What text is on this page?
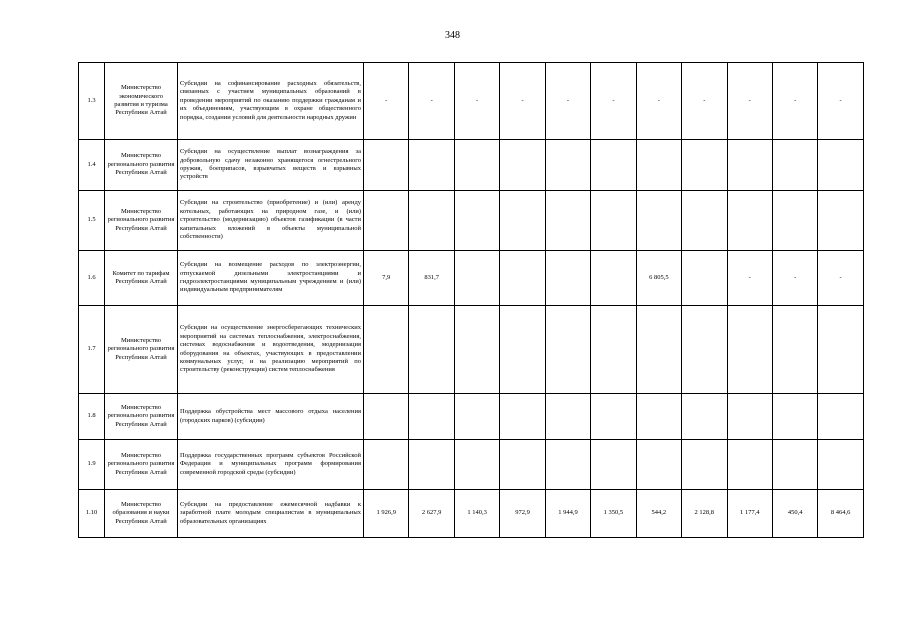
348
1.3	Министерство экономического развития и туризма Республики Алтай	Субсидии на софинансирование расходных обязательств, связанных с участием муниципальных образований в проведении мероприятий по оказанию поддержки гражданам и их объединениям, участвующим в охране общественного порядка, создании условий для деятельности народных дружин	-	-	-	-	-	-	-	-	-	-	-
1.4	Министерство регионального развития Республики Алтай	Субсидии на осуществление выплат вознаграждения за добровольную сдачу незаконно хранящегося огнестрельного оружия, боеприпасов, взрывчатых веществ и взрывных устройств											
1.5	Министерство регионального развития Республики Алтай	Субсидии на строительство (приобретение) и (или) аренду котельных, работающих на природном газе, и (или) строительство (модернизацию) объектов газификации (в части капитальных вложений в объекты муниципальной собственности)											
1.6	Комитет по тарифам Республики Алтай	Субсидии на возмещение расходов по электроэнергии, отпускаемой дизельными электростанциями и гидроэлектростанциями муниципальным учреждением и (или) индивидуальным предпринимателям	7,9	831,7					6 805,5		-	-	-
1.7	Министерство регионального развития Республики Алтай	Субсидии на осуществление энергосберегающих технических мероприятий на системах теплоснабжения, электроснабжения, системах водоснабжения и водоотведения, модернизация оборудования на объектах, участвующих в предоставлении коммунальных услуг, и на реализацию мероприятий по строительству (реконструкции) систем теплоснабжения											
1.8	Министерство регионального развития Республики Алтай	Поддержка обустройства мест массового отдыха населения (городских парков) (субсидии)											
1.9	Министерство регионального развития Республики Алтай	Поддержка государственных программ субъектов Российской Федерации и муниципальных программ формирования современной городской среды (субсидии)											
1.10	Министерство образования и науки Республики Алтай	Субсидии на предоставление ежемесячной надбавки к заработной плате молодым специалистам в муниципальных образовательных организациях	1 926,9	2 627,9	1 140,3	972,9	1 944,9	1 350,5	544,2	2 128,8	1 177,4	450,4	8 464,6
